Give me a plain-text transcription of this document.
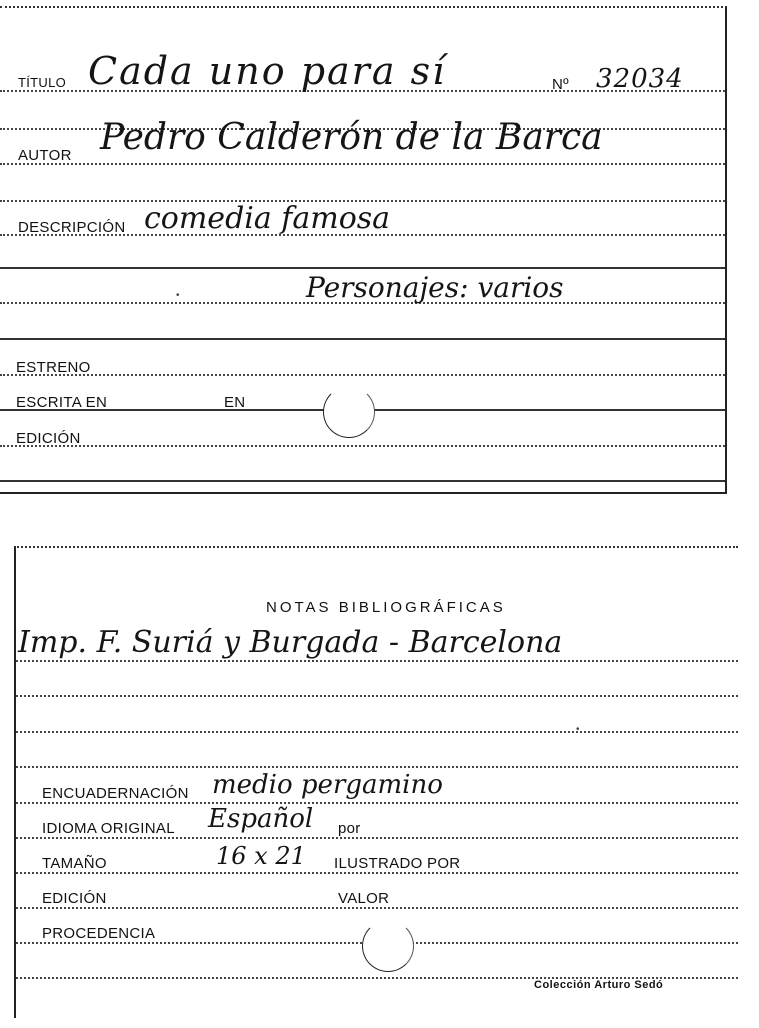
TÍTULO Cada uno para sí	Nº 32034
AUTOR Pedro Calderón de la Barca
DESCRIPCIÓN comedia famosa
Personajes: varios
ESTRENO
ESCRITA EN	EN
EDICIÓN
•
NOTAS BIBLIOGRÁFICAS
Imp. F. Suriá y Burgada - Barcelona
ENCUADERNACIÓN medio pergamino
IDIOMA ORIGINAL Español por
TAMAÑO	16 x 21 ILUSTRADO POR
EDICIÓN	VALOR
PROCEDENCIA
Colección Arturo Sedó
•
